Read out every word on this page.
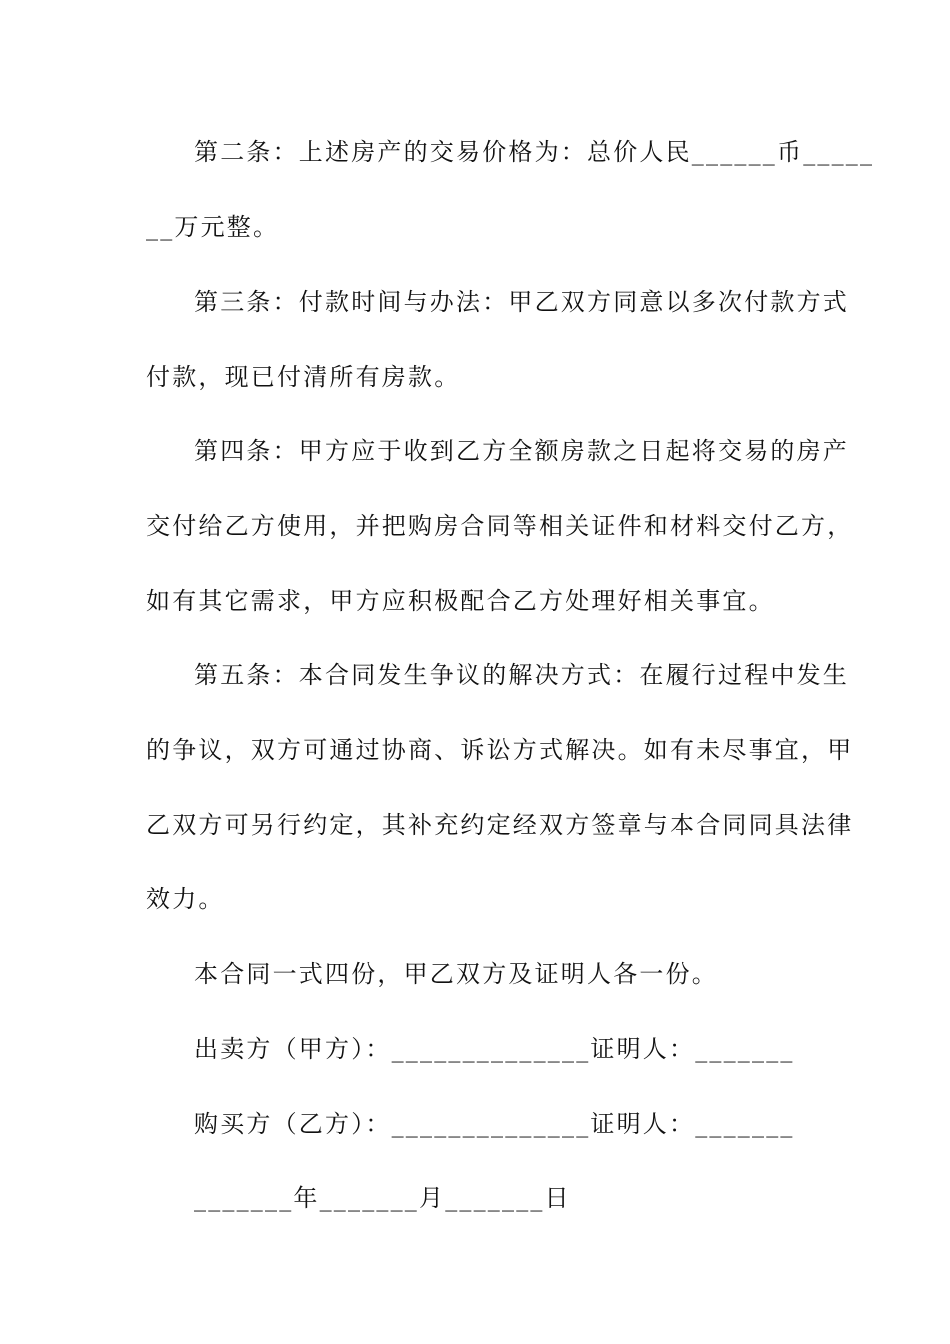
第二条：上述房产的交易价格为：总价人民______币_____
__万元整。
第三条：付款时间与办法：甲乙双方同意以多次付款方式
付款，现已付清所有房款。
第四条：甲方应于收到乙方全额房款之日起将交易的房产
交付给乙方使用，并把购房合同等相关证件和材料交付乙方，
如有其它需求，甲方应积极配合乙方处理好相关事宜。
第五条：本合同发生争议的解决方式：在履行过程中发生
的争议，双方可通过协商、诉讼方式解决。如有未尽事宜，甲
乙双方可另行约定，其补充约定经双方签章与本合同同具法律
效力。
本合同一式四份，甲乙双方及证明人各一份。
出卖方（甲方）：______________证明人：_______
购买方（乙方）：______________证明人：_______
_______年_______月_______日
